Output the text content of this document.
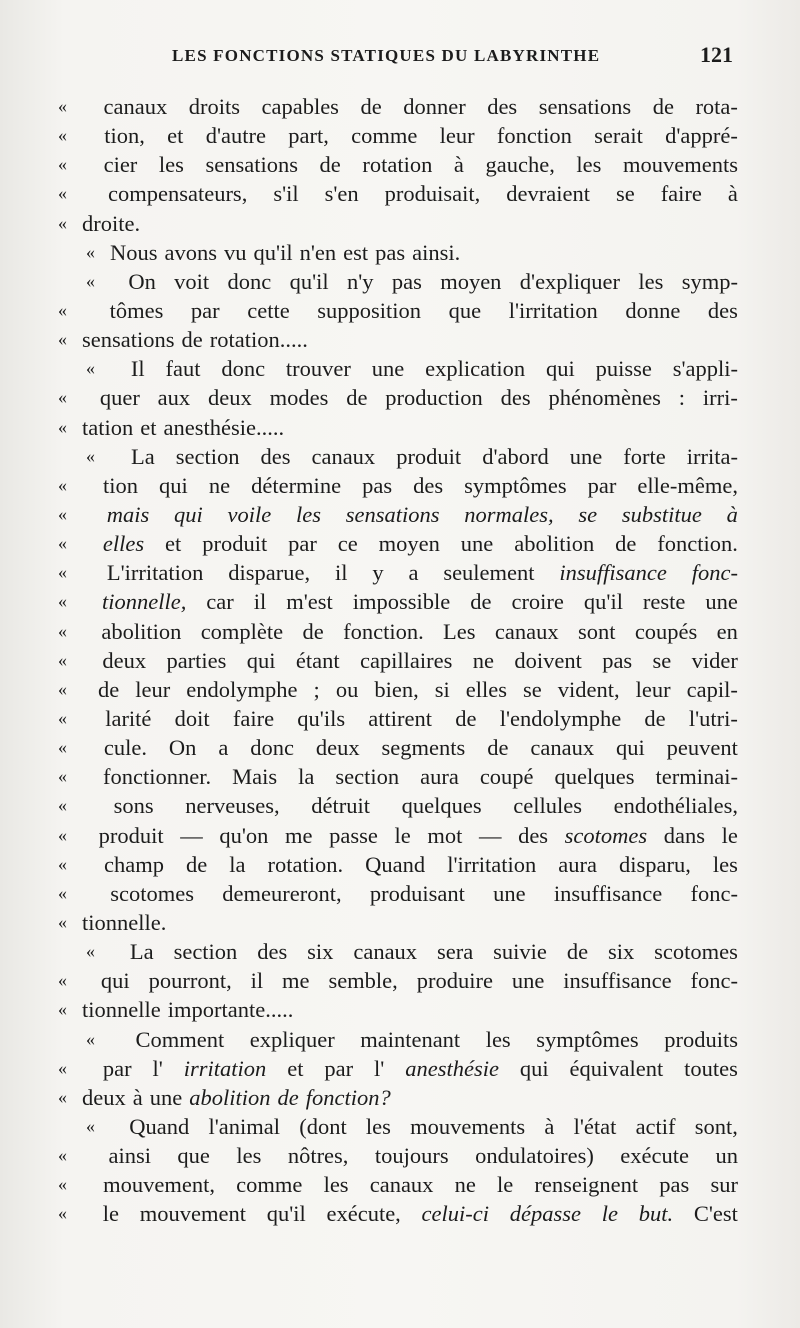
LES FONCTIONS STATIQUES DU LABYRINTHE	121
«	canaux droits capables de donner des sensations de rota-
«	tion, et d'autre part, comme leur fonction serait d'appré-
«	cier les sensations de rotation à gauche, les mouvements
«	compensateurs, s'il s'en produisait, devraient se faire à
« droite.
« Nous avons vu qu'il n'en est pas ainsi.
«	On voit donc qu'il n'y pas moyen d'expliquer les symp-
«	tômes par cette supposition que l'irritation donne des
« sensations de rotation.....
«	Il faut donc trouver une explication qui puisse s'appli-
«	quer aux deux modes de production des phénomènes : irri-
« tation et anesthésie.....
«	La section des canaux produit d'abord une forte irrita-
«	tion qui ne détermine pas des symptômes par elle-même,
«	mais qui voile les sensations normales, se substitue à
«	elles et produit par ce moyen une abolition de fonction.
«	L'irritation disparue, il y a seulement insuffisance fonc-
«	tionnelle, car il m'est impossible de croire qu'il reste une
«	abolition complète de fonction. Les canaux sont coupés en
«	deux parties qui étant capillaires ne doivent pas se vider
«	de leur endolymphe ; ou bien, si elles se vident, leur capil-
«	larité doit faire qu'ils attirent de l'endolymphe de l'utri-
«	cule. On a donc deux segments de canaux qui peuvent
«	fonctionner. Mais la section aura coupé quelques terminai-
«	sons nerveuses, détruit quelques cellules endothéliales,
«	produit — qu'on me passe le mot — des scotomes dans le
«	champ de la rotation. Quand l'irritation aura disparu, les
«	scotomes demeureront, produisant une insuffisance fonc-
« tionnelle.
«	La section des six canaux sera suivie de six scotomes
«	qui pourront, il me semble, produire une insuffisance fonc-
« tionnelle importante.....
«	Comment expliquer maintenant les symptômes produits
«	par l' irritation et par l' anesthésie qui équivalent toutes
« deux à une abolition de fonction?
«	Quand l'animal (dont les mouvements à l'état actif sont,
«	ainsi que les nôtres, toujours ondulatoires) exécute un
«	mouvement, comme les canaux ne le renseignent pas sur
«	le mouvement qu'il exécute, celui-ci dépasse le but. C'est
